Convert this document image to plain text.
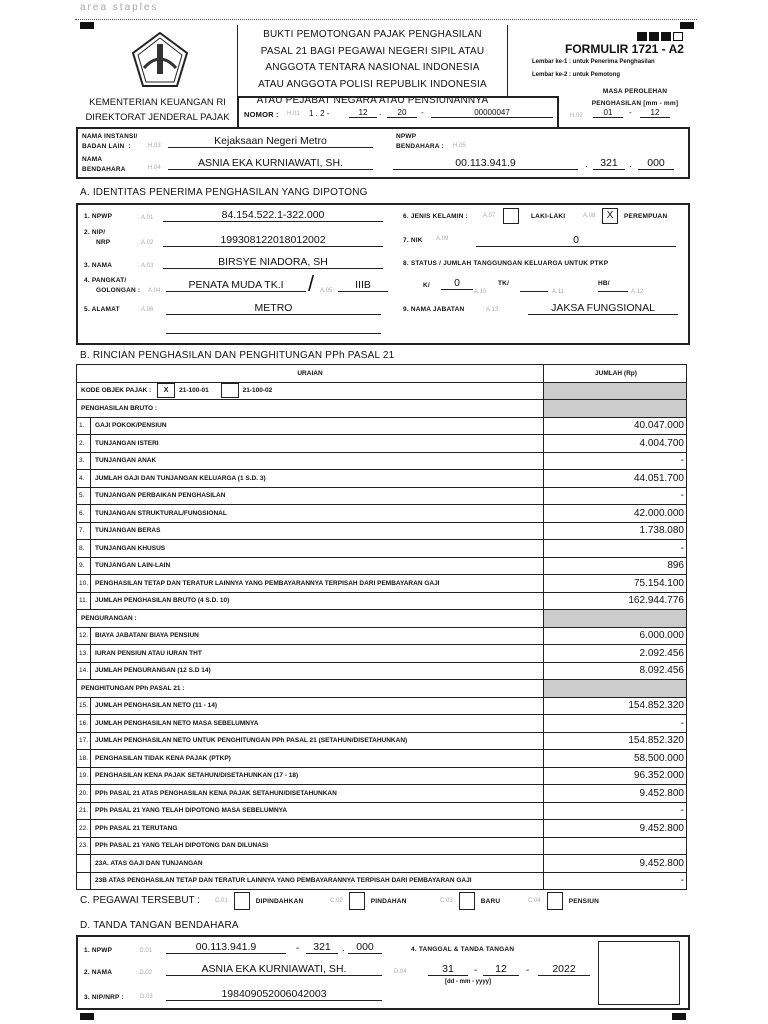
area staples
KEMENTERIAN KEUANGAN RI
DIREKTORAT JENDERAL PAJAK
BUKTI PEMOTONGAN PAJAK PENGHASILAN
PASAL 21 BAGI PEGAWAI NEGERI SIPIL ATAU
ANGGOTA TENTARA NASIONAL INDONESIA
ATAU ANGGOTA POLISI REPUBLIK INDONESIA
ATAU PEJABAT NEGARA ATAU PENSIUNANNYA
NOMOR : H.01 1 . 2 -	12	.	20	-	00000047
FORMULIR 1721 - A2
Lembar ke-1 : untuk Penerima Penghasilan
Lembar ke-2 : untuk Pemotong
MASA PEROLEHAN
PENGHASILAN [mm - mm]
H.02	01	-	12
NAMA INSTANSI/
BADAN LAIN  :	H.03	Kejaksaan Negeri Metro
NAMA
BENDAHARA	H.04	ASNIA EKA KURNIAWATI, SH.
NPWP
BENDAHARA : H.05
00.113.941.9	.	321	.	000
A. IDENTITAS PENERIMA PENGHASILAN YANG DIPOTONG
1. NPWP	: A.01	84.154.522.1-322.000
2. NIP/
NRP	: A.02	199308122018012002
3. NAMA	: A.03	BIRSYE NIADORA, SH
4. PANGKAT/
GOLONGAN : A.04	PENATA MUDA TK.I	/ A.05	IIIB
5. ALAMAT	: A.06	METRO
6. JENIS KELAMIN :	A.07	LAKI-LAKI	A.08	X	PEREMPUAN
7. NIK : A.09	0
8. STATUS / JUMLAH TANGGUNGAN KELUARGA UNTUK PTKP
K/	0
A.10
TK/
A.11
HB/
A.12
9. NAMA JABATAN	: A.13	JAKSA FUNGSIONAL
B. RINCIAN PENGHASILAN DAN PENGHITUNGAN PPh PASAL 21
URAIAN		JUMLAH (Rp)
KODE OBJEK PAJAK : X 21-100-01 21-100-02		
PENGHASILAN BRUTO :		
1.	GAJI POKOK/PENSIUN	40.047.000
2.	TUNJANGAN ISTERI	4.004.700
3.	TUNJANGAN ANAK	-
4.	JUMLAH GAJI DAN TUNJANGAN KELUARGA (1 S.D. 3)	44.051.700
5.	TUNJANGAN PERBAIKAN PENGHASILAN	-
6.	TUNJANGAN STRUKTURAL/FUNGSIONAL	42.000.000
7.	TUNJANGAN BERAS	1.738.080
8.	TUNJANGAN KHUSUS	-
9.	TUNJANGAN LAIN-LAIN	896
10.	PENGHASILAN TETAP DAN TERATUR LAINNYA YANG PEMBAYARANNYA TERPISAH DARI PEMBAYARAN GAJI	75.154.100
11.	JUMLAH PENGHASILAN BRUTO (4 S.D. 10)	162.944.776
PENGURANGAN :		
12.	BIAYA JABATAN/ BIAYA PENSIUN	6.000.000
13.	IURAN PENSIUN ATAU IURAN THT	2.092.456
14.	JUMLAH PENGURANGAN (12 S.D 14)	8.092.456
PENGHITUNGAN PPh PASAL 21 :		
15.	JUMLAH PENGHASILAN NETO (11 - 14)	154.852.320
16.	JUMLAH PENGHASILAN NETO MASA SEBELUMNYA	-
17.	JUMLAH PENGHASILAN NETO UNTUK PENGHITUNGAN PPh PASAL 21 (SETAHUN/DISETAHUNKAN)	154.852.320
18.	PENGHASILAN TIDAK KENA PAJAK (PTKP)	58.500.000
19.	PENGHASILAN KENA PAJAK SETAHUN/DISETAHUNKAN (17 - 18)	96.352.000
20.	PPh PASAL 21 ATAS PENGHASILAN KENA PAJAK SETAHUN/DISETAHUNKAN	9.452.800
21.	PPh PASAL 21 YANG TELAH DIPOTONG MASA SEBELUMNYA	-
22.	PPh PASAL 21 TERUTANG	9.452.800
23.	PPh PASAL 21 YANG TELAH DIPOTONG DAN DILUNASI	
	23A. ATAS GAJI DAN TUNJANGAN	9.452.800
	23B ATAS PENGHASILAN TETAP DAN TERATUR LAINNYA YANG PEMBAYARANNYA TERPISAH DARI PEMBAYARAN GAJI	-
C. PEGAWAI TERSEBUT : C.01	DIPINDAHKAN	C.02	PINDAHAN	C.03	BARU	C.04	PENSIUN
D. TANDA TANGAN BENDAHARA
1. NPWP	: D.01	00.113.941.9	-	321	.	000
2. NAMA	: D.02	ASNIA EKA KURNIAWATI, SH.
3. NIP/NRP :	D.03	198409052006042003
4. TANGGAL & TANDA TANGAN
D.04	31	-	12	-	2022
[dd - mm - yyyy]
